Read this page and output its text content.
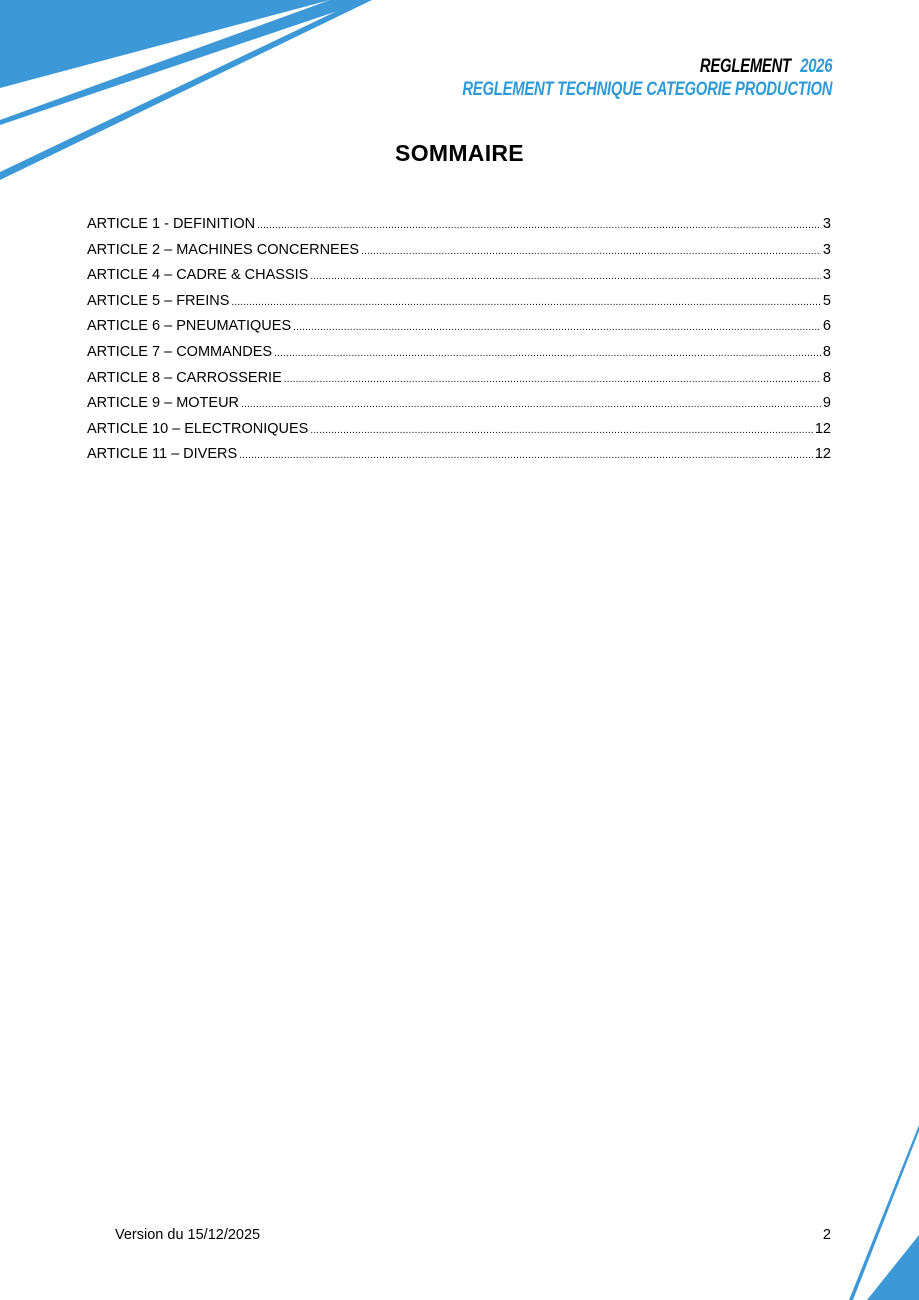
REGLEMENT 2026
REGLEMENT TECHNIQUE CATEGORIE PRODUCTION
SOMMAIRE
ARTICLE 1 - DEFINITION .....	3
ARTICLE 2 – MACHINES CONCERNEES .....	3
ARTICLE 4 – CADRE & CHASSIS .....	3
ARTICLE 5 – FREINS .....	5
ARTICLE 6 – PNEUMATIQUES .....	6
ARTICLE 7 – COMMANDES .....	8
ARTICLE 8 – CARROSSERIE .....	8
ARTICLE 9 – MOTEUR .....	9
ARTICLE 10 – ELECTRONIQUES .....	12
ARTICLE 11 – DIVERS .....	12
Version du 15/12/2025	2
